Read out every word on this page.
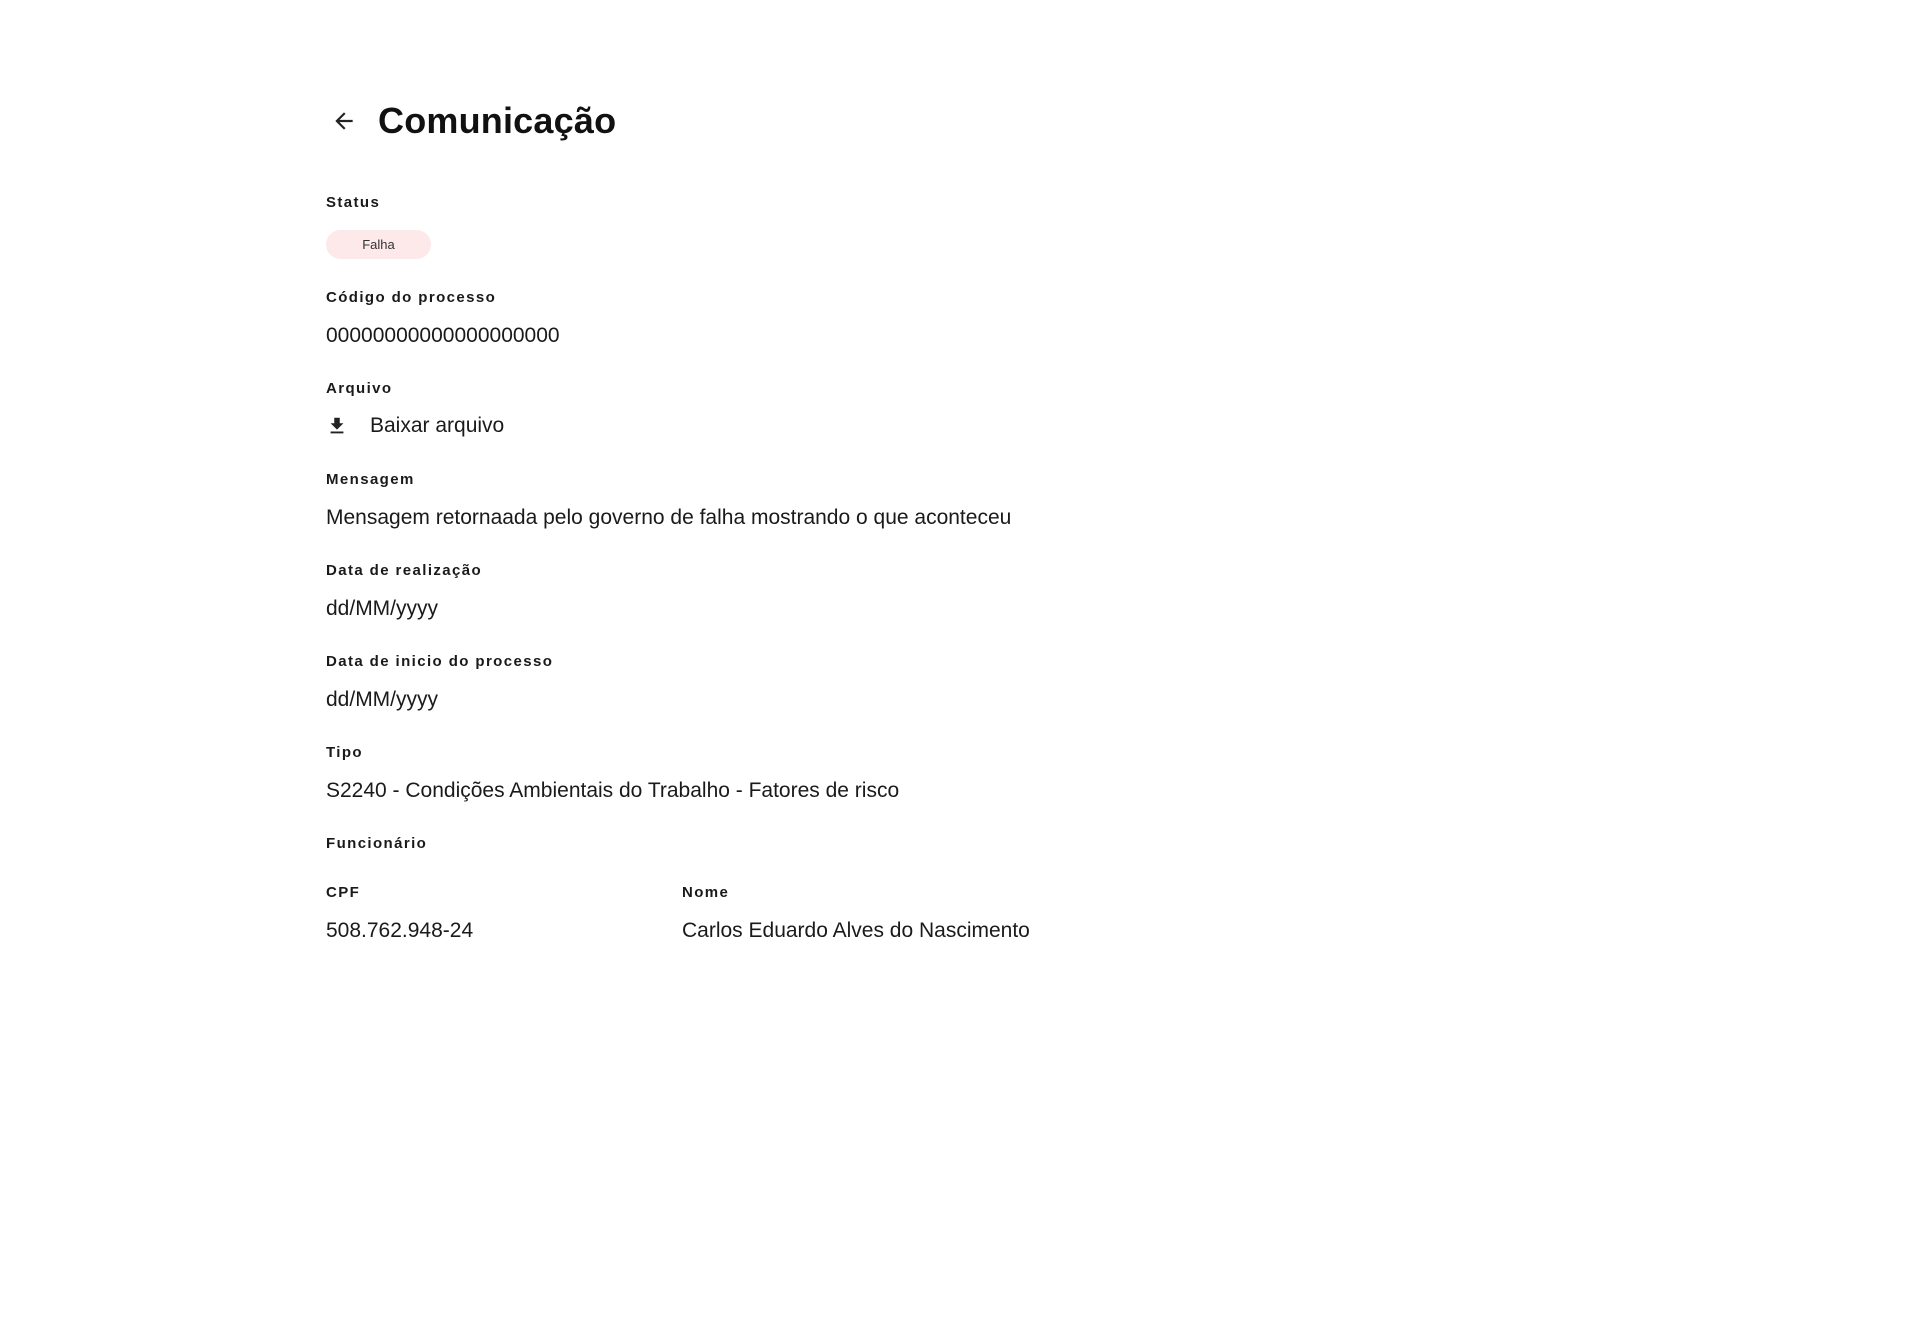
Comunicação
Status
Falha
Código do processo
00000000000000000000
Arquivo
Baixar arquivo
Mensagem
Mensagem retornaada pelo governo de falha mostrando o que aconteceu
Data de realização
dd/MM/yyyy
Data de inicio do processo
dd/MM/yyyy
Tipo
S2240 - Condições Ambientais do Trabalho - Fatores de risco
Funcionário
CPF
508.762.948-24
Nome
Carlos Eduardo Alves do Nascimento
